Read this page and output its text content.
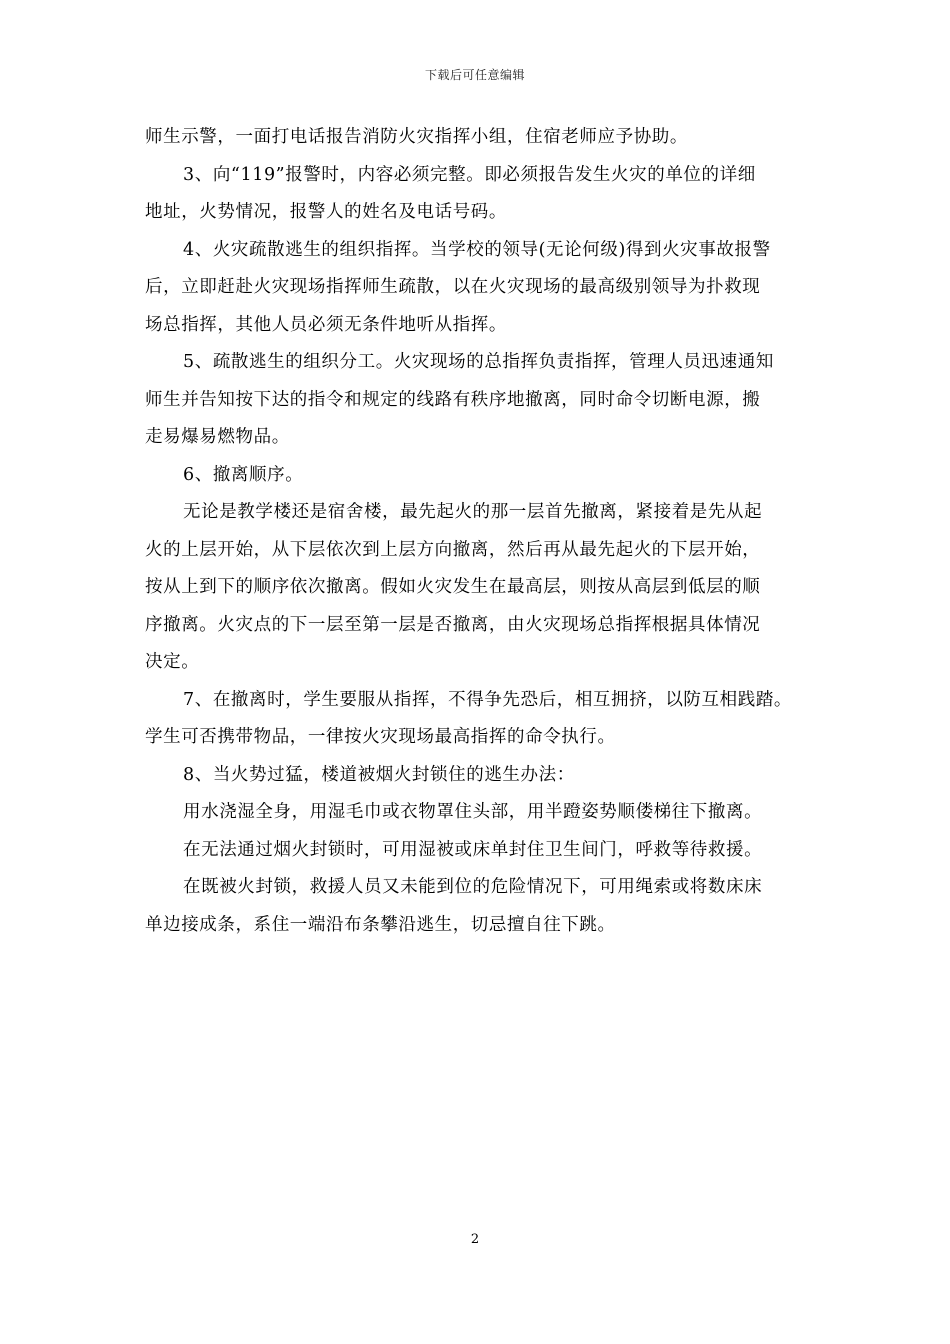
下载后可任意编辑
师生示警，一面打电话报告消防火灾指挥小组，住宿老师应予协助。
3、向“119”报警时，内容必须完整。即必须报告发生火灾的单位的详细
地址，火势情况，报警人的姓名及电话号码。
4、火灾疏散逃生的组织指挥。当学校的领导(无论何级)得到火灾事故报警
后，立即赶赴火灾现场指挥师生疏散，以在火灾现场的最高级别领导为扑救现
场总指挥，其他人员必须无条件地听从指挥。
5、疏散逃生的组织分工。火灾现场的总指挥负责指挥，管理人员迅速通知
师生并告知按下达的指令和规定的线路有秩序地撤离，同时命令切断电源，搬
走易爆易燃物品。
6、撤离顺序。
无论是教学楼还是宿舍楼，最先起火的那一层首先撤离，紧接着是先从起
火的上层开始，从下层依次到上层方向撤离，然后再从最先起火的下层开始，
按从上到下的顺序依次撤离。假如火灾发生在最高层，则按从高层到低层的顺
序撤离。火灾点的下一层至第一层是否撤离，由火灾现场总指挥根据具体情况
决定。
7、在撤离时，学生要服从指挥，不得争先恐后，相互拥挤，以防互相践踏。
学生可否携带物品，一律按火灾现场最高指挥的命令执行。
8、当火势过猛，楼道被烟火封锁住的逃生办法：
用水浇湿全身，用湿毛巾或衣物罩住头部，用半蹬姿势顺偻梯往下撤离。
在无法通过烟火封锁时，可用湿被或床单封住卫生间门，呼救等待救援。
在既被火封锁，救援人员又未能到位的危险情况下，可用绳索或将数床床
单边接成条，系住一端沿布条攀沿逃生，切忌擅自往下跳。
2
